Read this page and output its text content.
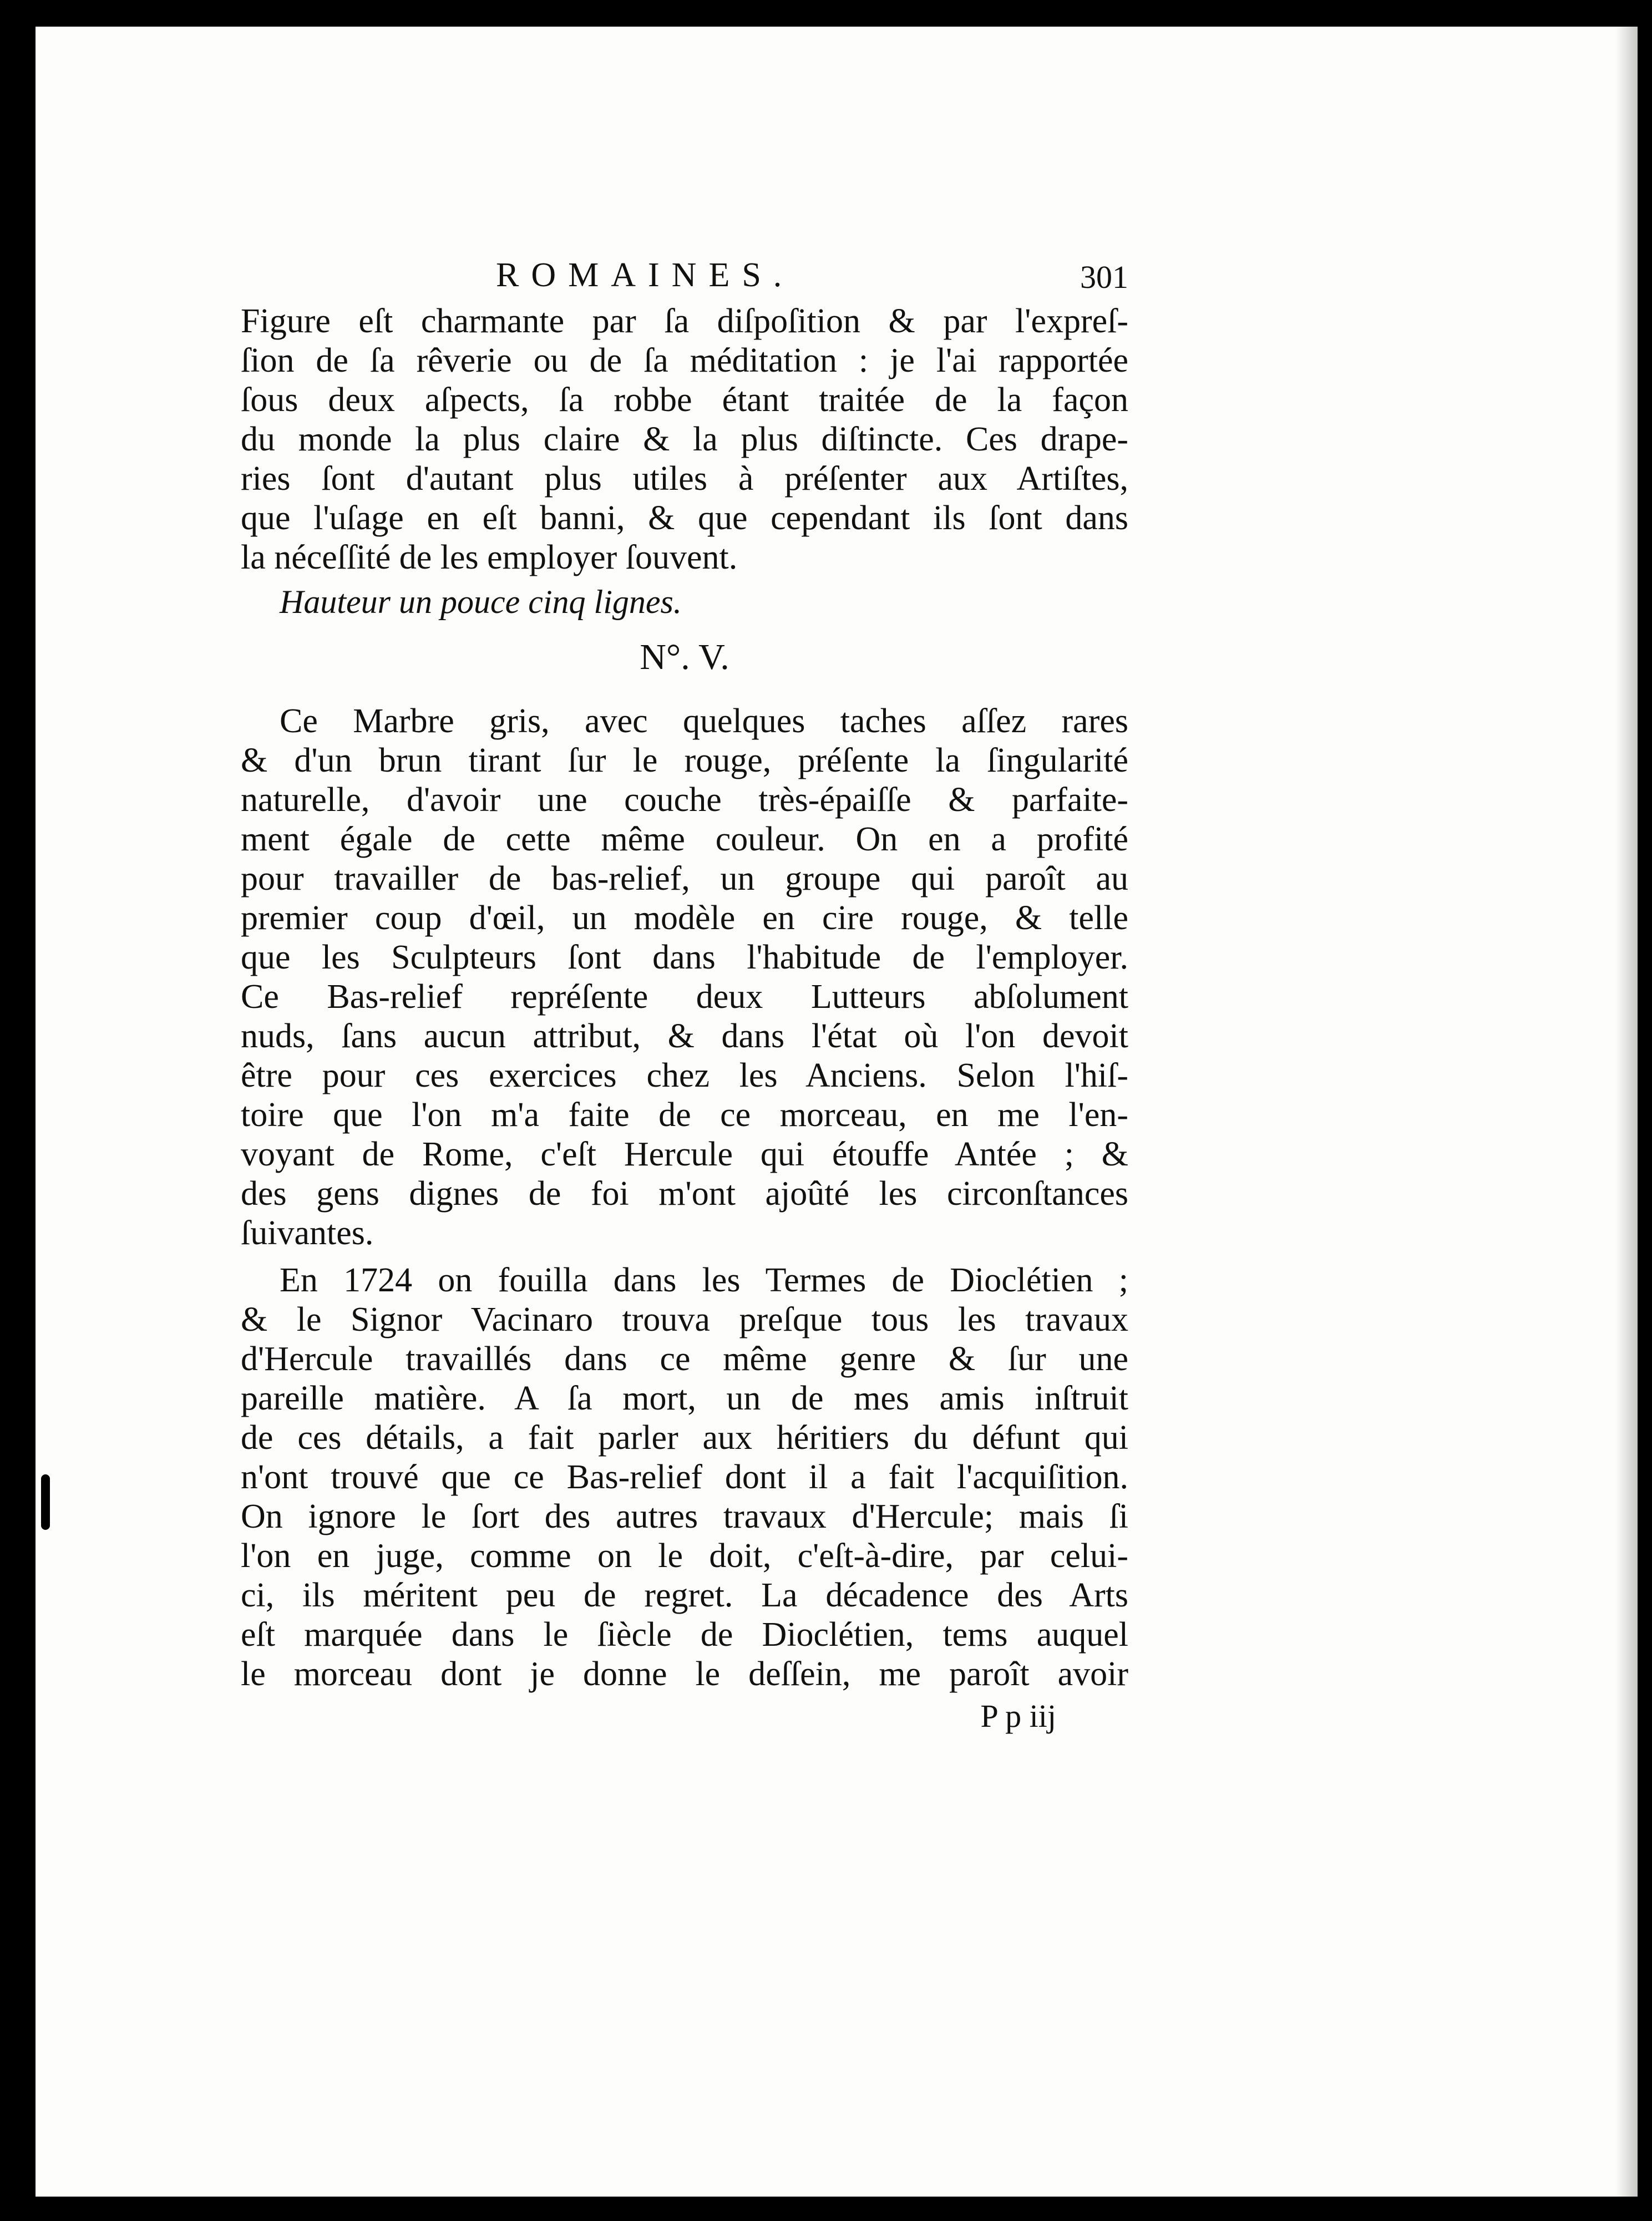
ROMAINES.	301
Figure eſt charmante par ſa diſpoſition & par l'expreſ-
ſion de ſa rêverie ou de ſa méditation : je l'ai rapportée
ſous deux aſpects, ſa robbe étant traitée de la façon
du monde la plus claire & la plus diſtincte. Ces drape-
ries ſont d'autant plus utiles à préſenter aux Artiſtes,
que l'uſage en eſt banni, & que cependant ils ſont dans
la néceſſité de les employer ſouvent.
Hauteur un pouce cinq lignes.
N°. V.
Ce Marbre gris, avec quelques taches aſſez rares
& d'un brun tirant ſur le rouge, préſente la ſingularité
naturelle, d'avoir une couche très-épaiſſe & parfaite-
ment égale de cette même couleur. On en a profité
pour travailler de bas-relief, un groupe qui paroît au
premier coup d'œil, un modèle en cire rouge, & telle
que les Sculpteurs ſont dans l'habitude de l'employer.
Ce Bas-relief repréſente deux Lutteurs abſolument
nuds, ſans aucun attribut, & dans l'état où l'on devoit
être pour ces exercices chez les Anciens. Selon l'hiſ-
toire que l'on m'a faite de ce morceau, en me l'en-
voyant de Rome, c'eſt Hercule qui étouffe Antée ; &
des gens dignes de foi m'ont ajoûté les circonſtances
ſuivantes.
En 1724 on fouilla dans les Termes de Dioclétien ;
& le Signor Vacinaro trouva preſque tous les travaux
d'Hercule travaillés dans ce même genre & ſur une
pareille matière. A ſa mort, un de mes amis inſtruit
de ces détails, a fait parler aux héritiers du défunt qui
n'ont trouvé que ce Bas-relief dont il a fait l'acquiſition.
On ignore le ſort des autres travaux d'Hercule; mais ſi
l'on en juge, comme on le doit, c'eſt-à-dire, par celui-
ci, ils méritent peu de regret. La décadence des Arts
eſt marquée dans le ſiècle de Dioclétien, tems auquel
le morceau dont je donne le deſſein, me paroît avoir
P p iij
